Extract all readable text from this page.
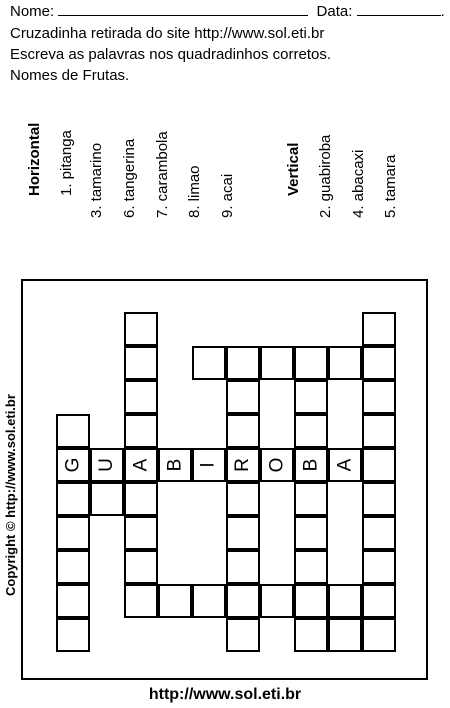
Nome:	Data:	.
Cruzadinha retirada do site http://www.sol.eti.br
Escreva as palavras nos quadradinhos corretos.
Nomes de Frutas.
Horizontal 1. pitanga 3. tamarino 6. tangerina 7. carambola 8. limao 9. acai	Vertical 2. guabiroba 4. abacaxi 5. tamara
Copyright © http://www.sol.eti.br G U A B I R O B A
http://www.sol.eti.br
